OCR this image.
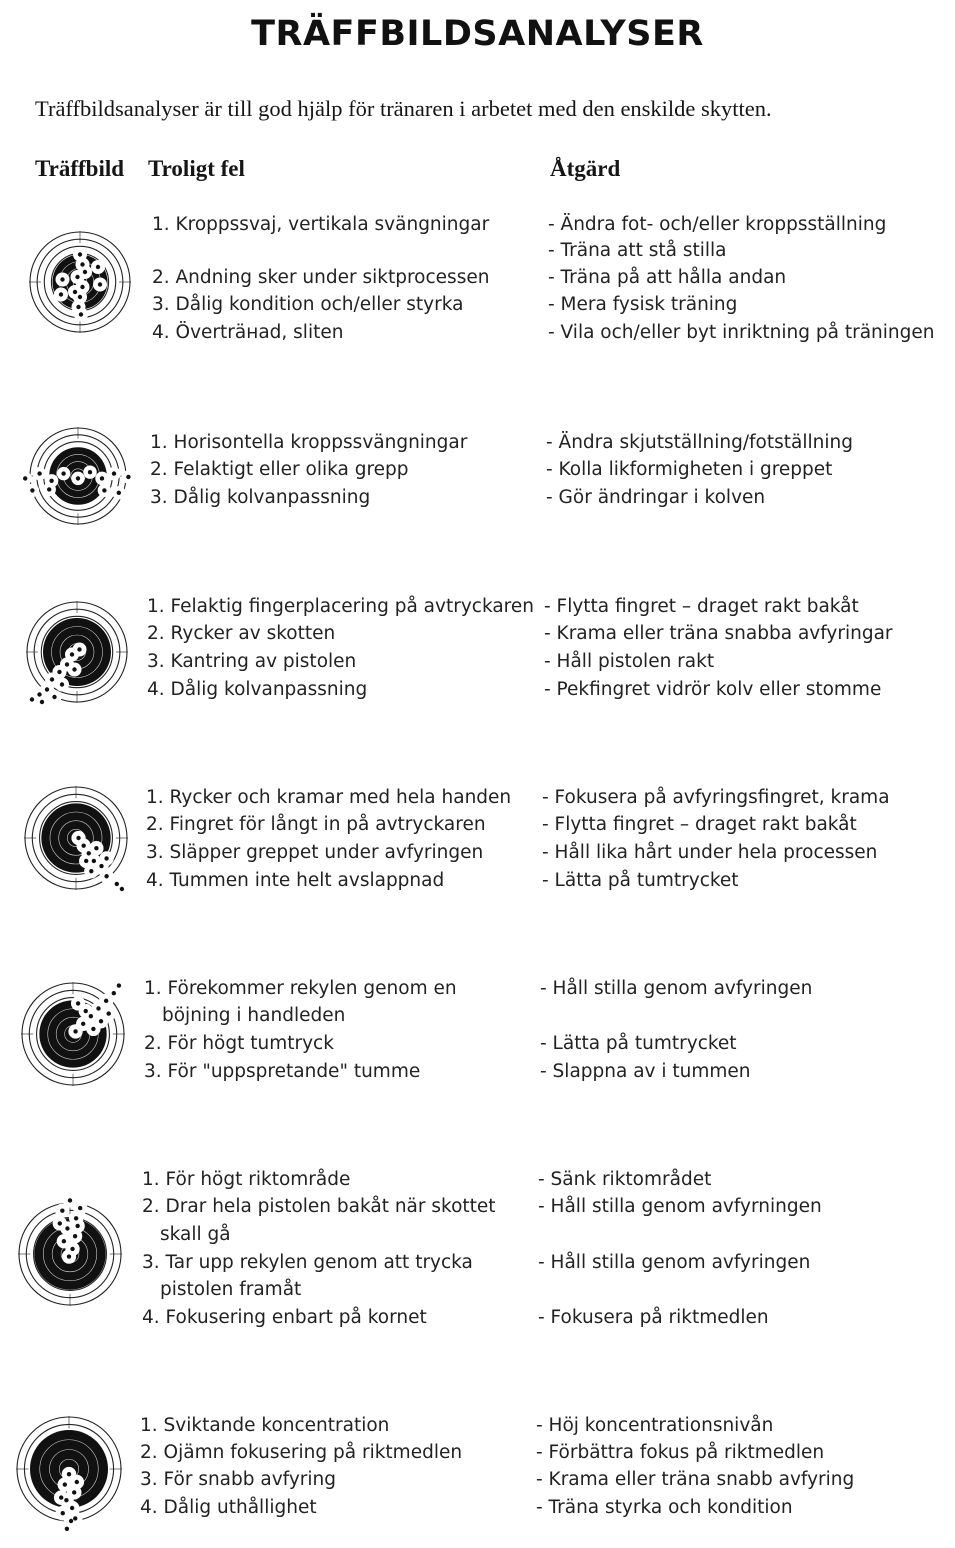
TRÄFFBILDSANALYSER
Träffbildsanalyser är till god hjälp för tränaren i arbetet med den enskilde skytten.
Träffbild Troligt fel	Åtgärd
1. Kroppssvaj, vertikala svängningar
2. Andning sker under siktprocessen
3. Dålig kondition och/eller styrka
4. Överträнad, sliten
- Ändra fot- och/eller kroppsställning
- Träna att stå stilla
- Träna på att hålla andan
- Mera fysisk träning
- Vila och/eller byt inriktning på träningen
1. Horisontella kroppssvängningar
2. Felaktigt eller olika grepp
3. Dålig kolvanpassning
- Ändra skjutställning/fotställning
- Kolla likformigheten i greppet
- Gör ändringar i kolven
1. Felaktig fingerplacering på avtryckaren
2. Rycker av skotten
3. Kantring av pistolen
4. Dålig kolvanpassning
- Flytta fingret – draget rakt bakåt
- Krama eller träna snabba avfyringar
- Håll pistolen rakt
- Pekfingret vidrör kolv eller stomme
1. Rycker och kramar med hela handen
2. Fingret för långt in på avtryckaren
3. Släpper greppet under avfyringen
4. Tummen inte helt avslappnad
- Fokusera på avfyringsfingret, krama
- Flytta fingret – draget rakt bakåt
- Håll lika hårt under hela processen
- Lätta på tumtrycket
1. Förekommer rekylen genom en
böjning i handleden
2. För högt tumtryck
3. För "uppspretande" tumme
- Håll stilla genom avfyringen
- Lätta på tumtrycket
- Slappna av i tummen
1. För högt riktområde
2. Drar hela pistolen bakåt när skottet
skall gå
3. Tar upp rekylen genom att trycka
pistolen framåt
4. Fokusering enbart på kornet
- Sänk riktområdet
- Håll stilla genom avfyrningen
- Håll stilla genom avfyringen
- Fokusera på riktmedlen
1. Sviktande koncentration
2. Ojämn fokusering på riktmedlen
3. För snabb avfyring
4. Dålig uthållighet
- Höj koncentrationsnivån
- Förbättra fokus på riktmedlen
- Krama eller träna snabb avfyring
- Träna styrka och kondition
